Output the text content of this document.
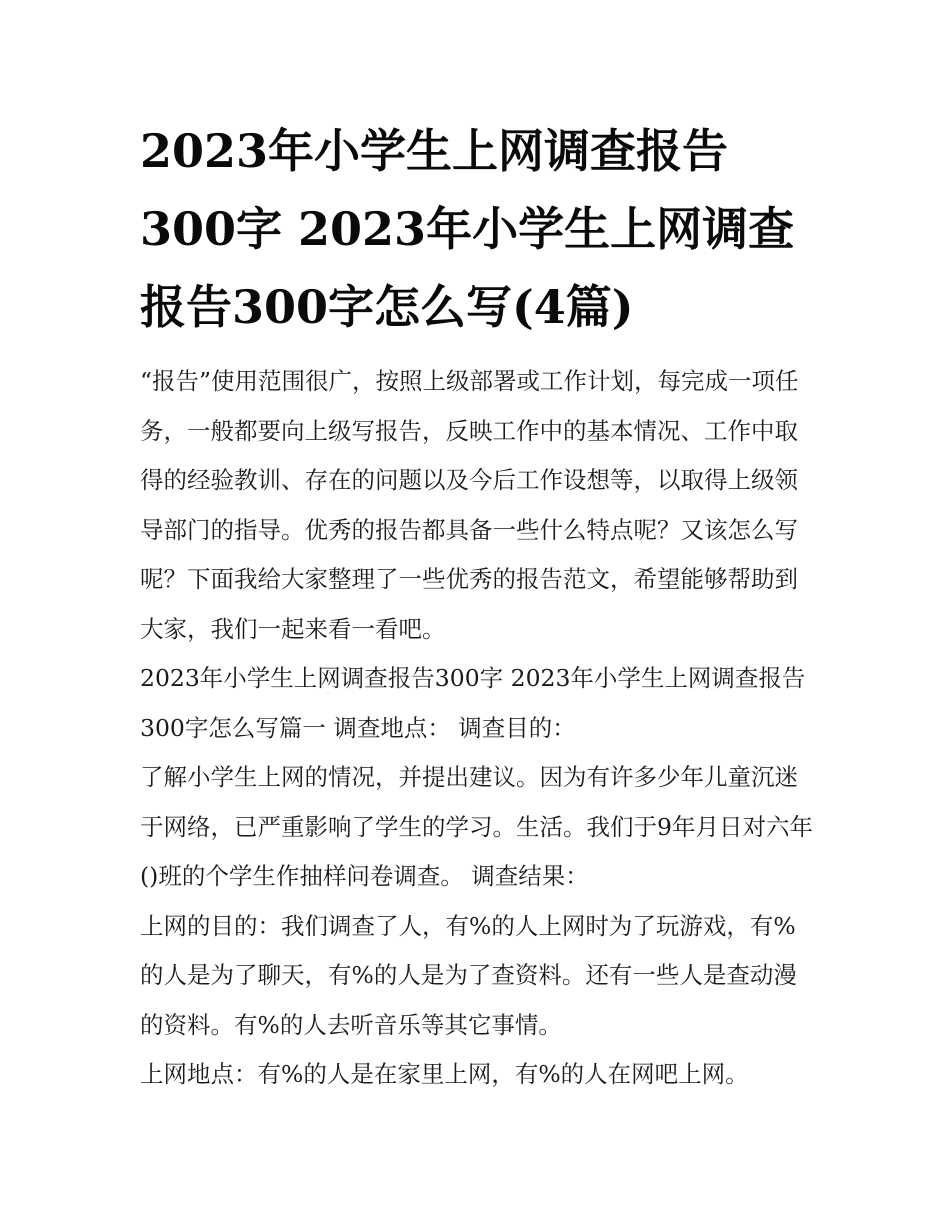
2023年小学生上网调查报告300字 2023年小学生上网调查报告300字怎么写(4篇)

“报告”使用范围很广，按照上级部署或工作计划，每完成一项任务，一般都要向上级写报告，反映工作中的基本情况、工作中取得的经验教训、存在的问题以及今后工作设想等，以取得上级领导部门的指导。优秀的报告都具备一些什么特点呢？又该怎么写呢？下面我给大家整理了一些优秀的报告范文，希望能够帮助到大家，我们一起来看一看吧。

2023年小学生上网调查报告300字 2023年小学生上网调查报告300字怎么写篇一 调查地点： 调查目的：

了解小学生上网的情况，并提出建议。因为有许多少年儿童沉迷于网络，已严重影响了学生的学习。生活。我们于9年月日对六年()班的个学生作抽样问卷调查。 调查结果：

上网的目的：我们调查了人，有%的人上网时为了玩游戏，有%的人是为了聊天，有%的人是为了查资料。还有一些人是查动漫的资料。有%的人去听音乐等其它事情。

上网地点：有%的人是在家里上网，有%的人在网吧上网。
